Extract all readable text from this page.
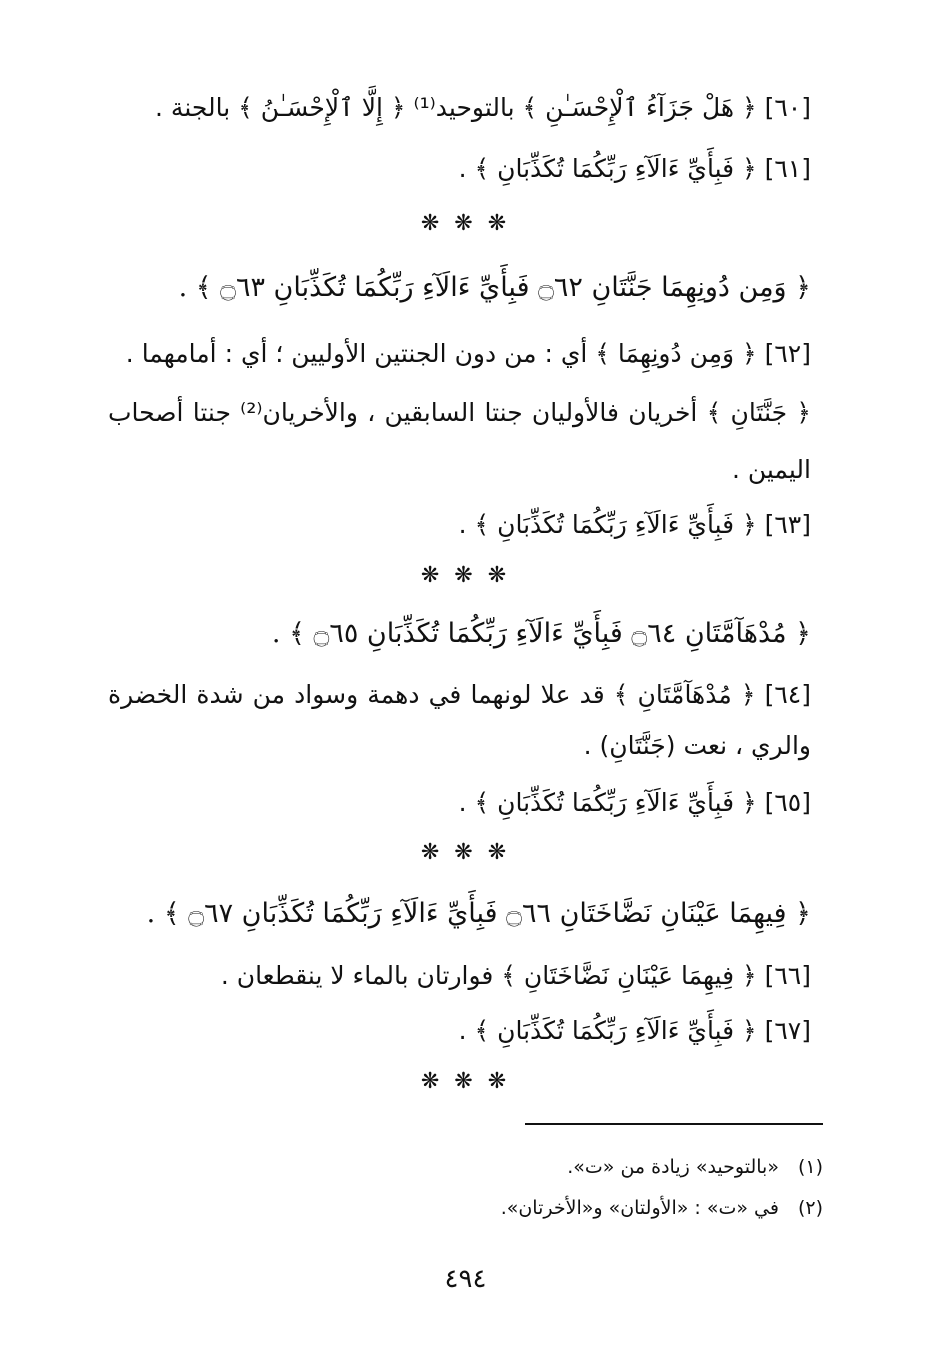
[٦٠] ﴿ هَلْ جَزَآءُ ٱلْإِحْسَـٰنِ ﴾ بالتوحيد⁽¹⁾ ﴿ إِلَّا ٱلْإِحْسَـٰنُ ﴾ بالجنة .
[٦١] ﴿ فَبِأَيِّ ءَالَآءِ رَبِّكُمَا تُكَذِّبَانِ ﴾ .
❋ ❋ ❋
﴿ وَمِن دُونِهِمَا جَنَّتَانِ ۝٦٢ فَبِأَيِّ ءَالَآءِ رَبِّكُمَا تُكَذِّبَانِ ۝٦٣ ﴾ .
[٦٢] ﴿ وَمِن دُونِهِمَا ﴾ أي : من دون الجنتين الأوليين ؛ أي : أمامهما .
﴿ جَنَّتَانِ ﴾ أخريان فالأوليان جنتا السابقين ، والأخريان⁽²⁾ جنتا أصحاب
اليمين .
[٦٣] ﴿ فَبِأَيِّ ءَالَآءِ رَبِّكُمَا تُكَذِّبَانِ ﴾ .
❋ ❋ ❋
﴿ مُدْهَآمَّتَانِ ۝٦٤ فَبِأَيِّ ءَالَآءِ رَبِّكُمَا تُكَذِّبَانِ ۝٦٥ ﴾ .
[٦٤] ﴿ مُدْهَآمَّتَانِ ﴾ قد علا لونهما في دهمة وسواد من شدة الخضرة
والري ، نعت (جَنَّتَانِ) .
[٦٥] ﴿ فَبِأَيِّ ءَالَآءِ رَبِّكُمَا تُكَذِّبَانِ ﴾ .
❋ ❋ ❋
﴿ فِيهِمَا عَيْنَانِ نَضَّاخَتَانِ ۝٦٦ فَبِأَيِّ ءَالَآءِ رَبِّكُمَا تُكَذِّبَانِ ۝٦٧ ﴾ .
[٦٦] ﴿ فِيهِمَا عَيْنَانِ نَضَّاخَتَانِ ﴾ فوارتان بالماء لا ينقطعان .
[٦٧] ﴿ فَبِأَيِّ ءَالَآءِ رَبِّكُمَا تُكَذِّبَانِ ﴾ .
❋ ❋ ❋
(١) «بالتوحيد» زيادة من «ت».
(٢) في «ت» : «الأولتان» و«الأخرتان».
٤٩٤
